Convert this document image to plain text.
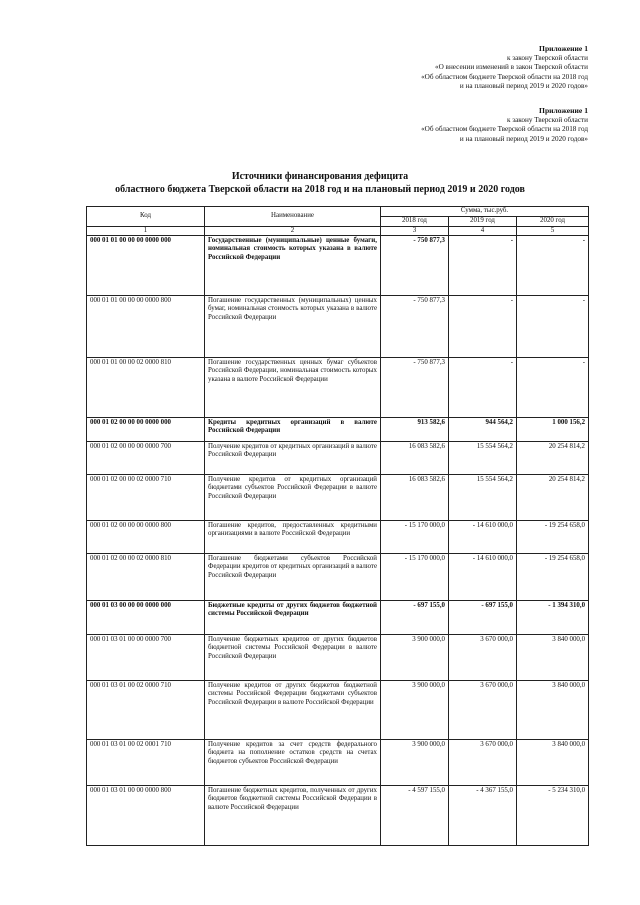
Приложение 1
к закону Тверской области
«О внесении изменений в закон Тверской области
«Об областном бюджете Тверской области на 2018 год
и на плановый период 2019 и 2020 годов»
Приложение 1
к закону Тверской области
«Об областном бюджете Тверской области на 2018 год
и на плановый период 2019 и 2020 годов»
Источники финансирования дефицита
областного бюджета Тверской области на 2018 год и на плановый период 2019 и 2020 годов
Код	Наименование	Сумма, тыс.руб.		
		2018 год	2019 год	2020 год
1	2	3	4	5
000 01 01 00 00 00 0000 000	Государственные (муниципальные) ценные бумаги, номинальная стоимость которых указана в валюте Российской Федерации	- 750 877,3	-	-
000 01 01 00 00 00 0000 800	Погашение государственных (муниципальных) ценных бумаг, номинальная стоимость которых указана в валюте Российской Федерации	- 750 877,3	-	-
000 01 01 00 00 02 0000 810	Погашение государственных ценных бумаг субъектов Российской Федерации, номинальная стоимость которых указана в валюте Российской Федерации	- 750 877,3	-	-
000 01 02 00 00 00 0000 000	Кредиты кредитных организаций в валюте Российской Федерации	913 582,6	944 564,2	1 000 156,2
000 01 02 00 00 00 0000 700	Получение кредитов от кредитных организаций в валюте Российской Федерации	16 083 582,6	15 554 564,2	20 254 814,2
000 01 02 00 00 02 0000 710	Получение кредитов от кредитных организаций бюджетами субъектов Российской Федерации в валюте Российской Федерации	16 083 582,6	15 554 564,2	20 254 814,2
000 01 02 00 00 00 0000 800	Погашение кредитов, предоставленных кредитными организациями в валюте Российской Федерации	- 15 170 000,0	- 14 610 000,0	- 19 254 658,0
000 01 02 00 00 02 0000 810	Погашение бюджетами субъектов Российской Федерации кредитов от кредитных организаций в валюте Российской Федерации	- 15 170 000,0	- 14 610 000,0	- 19 254 658,0
000 01 03 00 00 00 0000 000	Бюджетные кредиты от других бюджетов бюджетной системы Российской Федерации	- 697 155,0	- 697 155,0	- 1 394 310,0
000 01 03 01 00 00 0000 700	Получение бюджетных кредитов от других бюджетов бюджетной системы Российской Федерации в валюте Российской Федерации	3 900 000,0	3 670 000,0	3 840 000,0
000 01 03 01 00 02 0000 710	Получение кредитов от других бюджетов бюджетной системы Российской Федерации бюджетами субъектов Российской Федерации в валюте Российской Федерации	3 900 000,0	3 670 000,0	3 840 000,0
000 01 03 01 00 02 0001 710	Получение кредитов за счет средств федерального бюджета на пополнение остатков средств на счетах бюджетов субъектов Российской Федерации	3 900 000,0	3 670 000,0	3 840 000,0
000 01 03 01 00 00 0000 800	Погашение бюджетных кредитов, полученных от других бюджетов бюджетной системы Российской Федерации в валюте Российской Федерации	- 4 597 155,0	- 4 367 155,0	- 5 234 310,0
